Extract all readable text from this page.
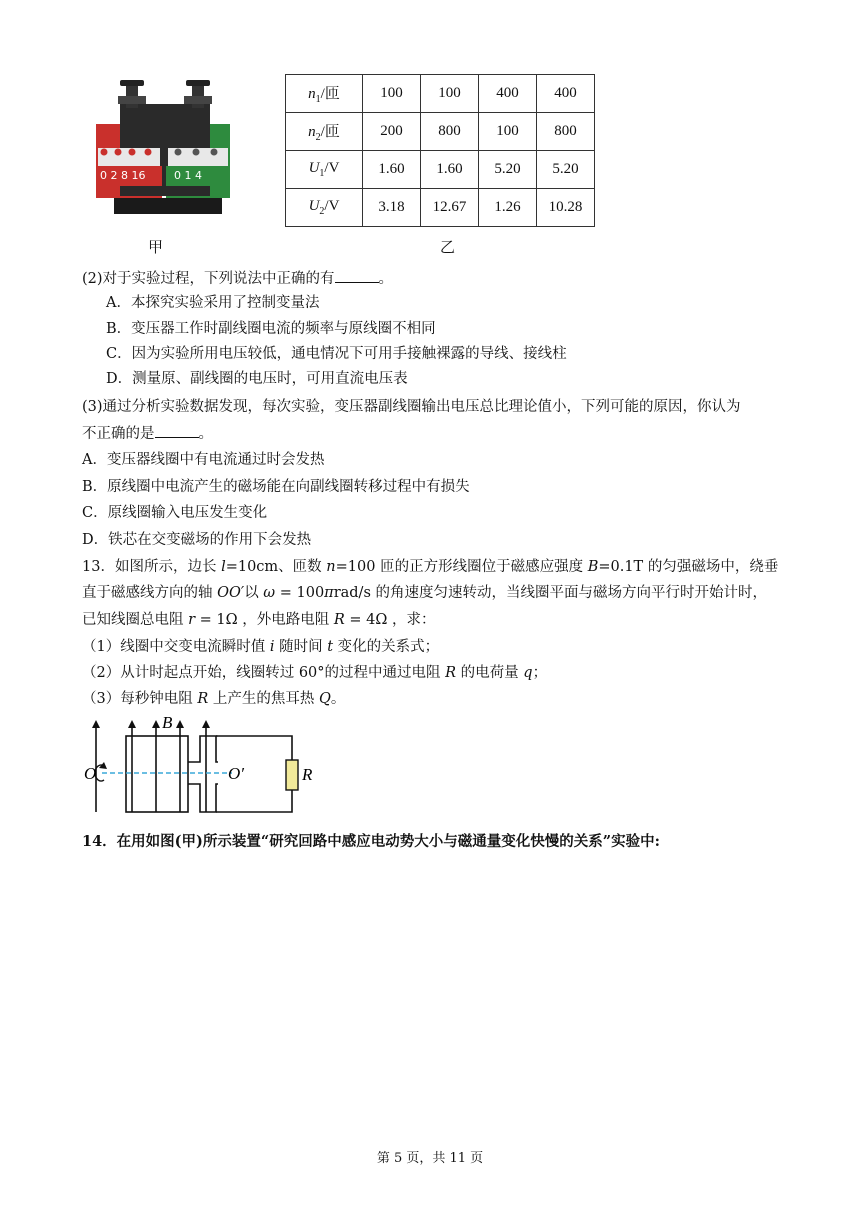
0 2 8 16	0 1 4
甲
$n_1/$匝	100	100	400	400
$n_2/$匝	200	800	100	800
$U_1/V$	1.60	1.60	5.20	5.20
$U_2/V$	3.18	12.67	1.26	10.28
乙
(2)对于实验过程，下列说法中正确的有	。
A．本探究实验采用了控制变量法
B．变压器工作时副线圈电流的频率与原线圈不相同
C．因为实验所用电压较低，通电情况下可用手接触裸露的导线、接线柱
D．测量原、副线圈的电压时，可用直流电压表
(3)通过分析实验数据发现，每次实验，变压器副线圈输出电压总比理论值小，下列可能的原因，你认为
不正确的是	。
A．变压器线圈中有电流通过时会发热
B．原线圈中电流产生的磁场能在向副线圈转移过程中有损失
C．原线圈输入电压发生变化
D．铁芯在交变磁场的作用下会发热
13．如图所示，边长 l=10cm、匝数 n=100 匝的正方形线圈位于磁感应强度 B=0.1T 的匀强磁场中，绕垂
直于磁感线方向的轴 OO′以 ω = 100πrad/s 的角速度匀速转动，当线圈平面与磁场方向平行时开始计时，
已知线圈总电阻 r = 1Ω ，外电路电阻 R = 4Ω ，求：
（1）线圈中交变电流瞬时值 i 随时间 t 变化的关系式；
（2）从计时起点开始，线圈转过 60°的过程中通过电阻 R 的电荷量 q；
（3）每秒钟电阻 R 上产生的焦耳热 Q。
O	O′
B
R
14．在用如图(甲)所示装置“研究回路中感应电动势大小与磁通量变化快慢的关系”实验中:
第 5 页，共 11 页
